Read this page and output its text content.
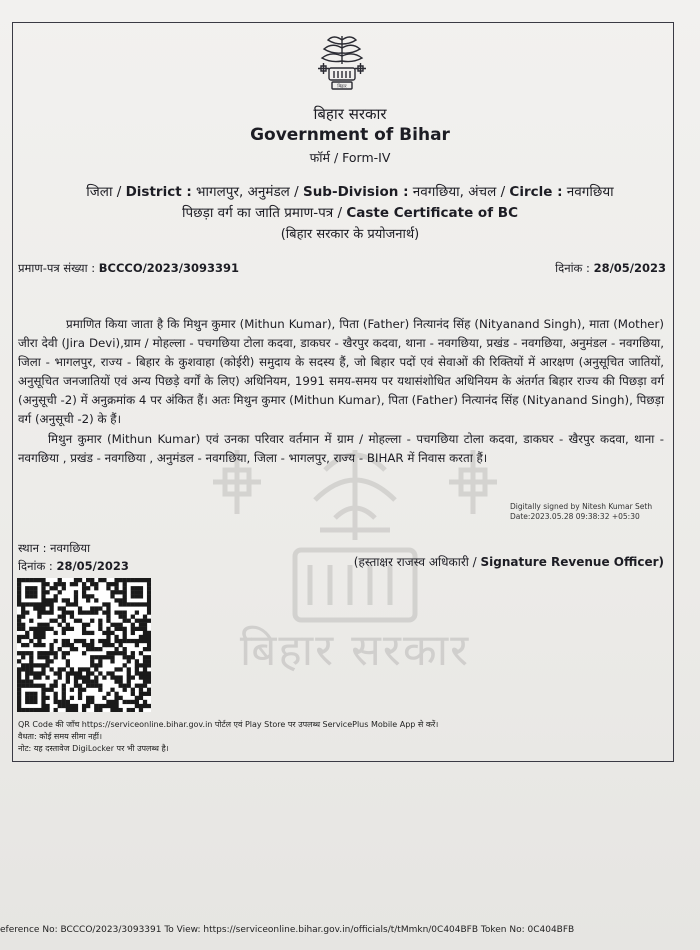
बिहार सरकार
बिहार
बिहार सरकार
Government of Bihar
फॉर्म / Form-IV
जिला / District : भागलपुर, अनुमंडल / Sub-Division : नवगछिया, अंचल / Circle : नवगछिया
पिछड़ा वर्ग का जाति प्रमाण-पत्र / Caste Certificate of BC
(बिहार सरकार के प्रयोजनार्थ)
प्रमाण-पत्र संख्या : BCCCO/2023/3093391	दिनांक : 28/05/2023

प्रमाणित किया जाता है कि मिथुन कुमार (Mithun Kumar), पिता (Father) नित्यानंद सिंह (Nityanand Singh), माता (Mother) जीरा देवी (Jira Devi),ग्राम / मोहल्ला - पचगछिया टोला कदवा, डाकघर - खैरपुर कदवा, थाना - नवगछिया, प्रखंड - नवगछिया, अनुमंडल - नवगछिया, जिला - भागलपुर, राज्य - बिहार के कुशवाहा (कोईरी) समुदाय के सदस्य हैं, जो बिहार पदों एवं सेवाओं की रिक्तियों में आरक्षण (अनुसूचित जातियों, अनुसूचित जनजातियों एवं अन्य पिछड़े वर्गों के लिए) अधिनियम, 1991 समय-समय पर यथासंशोधित अधिनियम के अंतर्गत बिहार राज्य की पिछड़ा वर्ग (अनुसूची -2) में अनुक्रमांक 4 पर अंकित हैं। अतः मिथुन कुमार (Mithun Kumar), पिता (Father) नित्यानंद सिंह (Nityanand Singh), पिछड़ा वर्ग (अनुसूची -2) के हैं।

मिथुन कुमार (Mithun Kumar) एवं उनका परिवार वर्तमान में ग्राम / मोहल्ला - पचगछिया टोला कदवा, डाकघर - खैरपुर कदवा, थाना - नवगछिया , प्रखंड - नवगछिया , अनुमंडल - नवगछिया, जिला - भागलपुर, राज्य - BIHAR में निवास करता हैं।

Digitally signed by Nitesh Kumar Seth
Date:2023.05.28 09:38:32 +05:30
स्थान : नवगछिया
दिनांक : 28/05/2023	(हस्ताक्षर राजस्व अधिकारी / Signature Revenue Officer)
QR Code की जाँच https://serviceonline.bihar.gov.in पोर्टल एवं Play Store पर उपलब्ध ServicePlus Mobile App से करें।
वैधता: कोई समय सीमा नहीं।
नोट: यह दस्तावेज DigiLocker पर भी उपलब्ध है।
eference No: BCCCO/2023/3093391 To View: https://serviceonline.bihar.gov.in/officials/t/tMmkn/0C404BFB Token No: 0C404BFB
